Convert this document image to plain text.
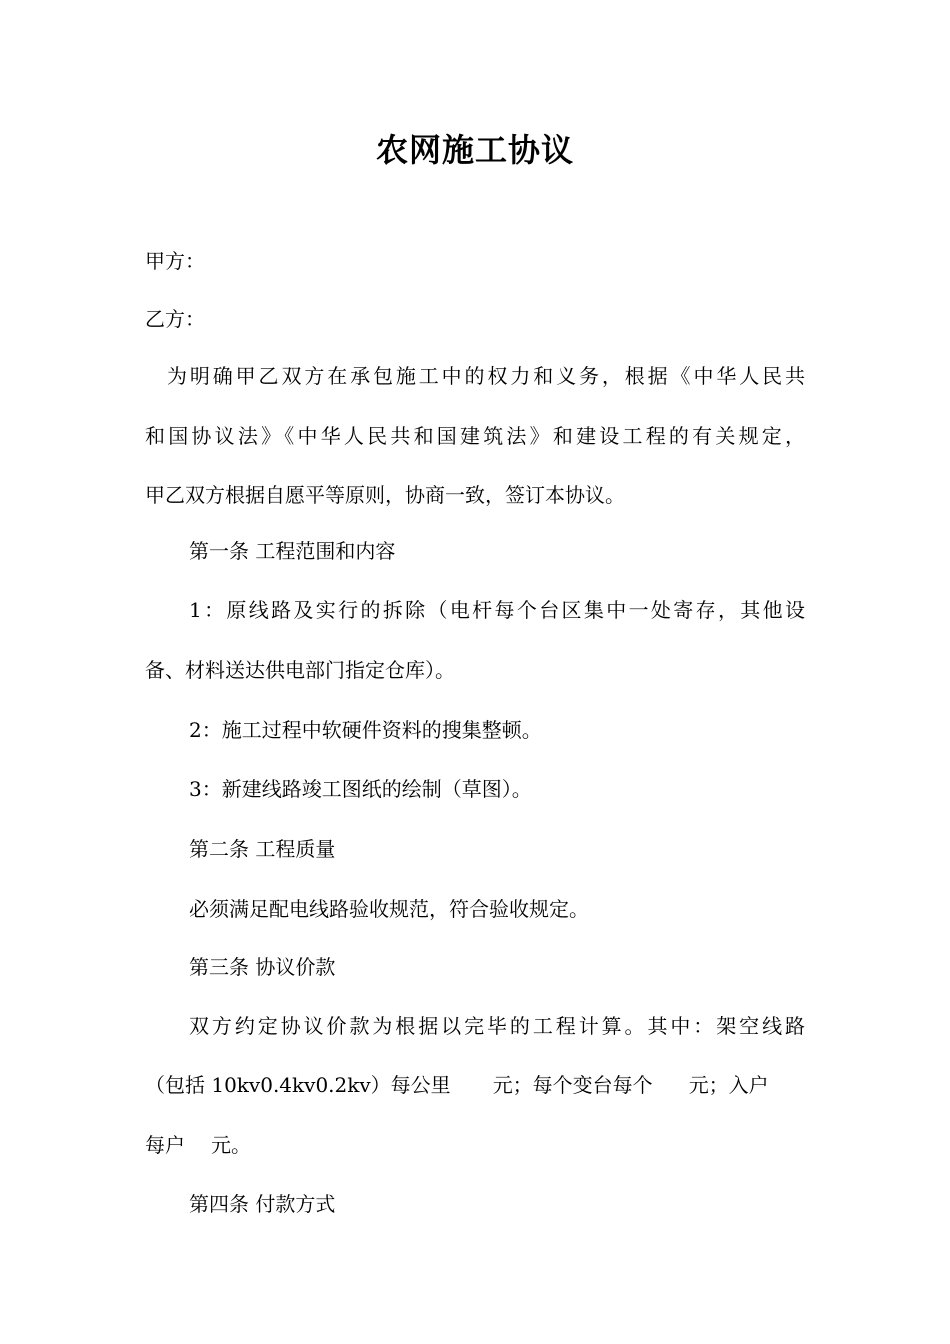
农网施工协议
甲方：
乙方：
为明确甲乙双方在承包施工中的权力和义务，根据《中华人民共
和国协议法》《中华人民共和国建筑法》和建设工程的有关规定，
甲乙双方根据自愿平等原则，协商一致，签订本协议。
第一条 工程范围和内容
1：原线路及实行的拆除（电杆每个台区集中一处寄存，其他设
备、材料送达供电部门指定仓库）。
2：施工过程中软硬件资料的搜集整顿。
3：新建线路竣工图纸的绘制（草图）。
第二条 工程质量
必须满足配电线路验收规范，符合验收规定。
第三条 协议价款
双方约定协议价款为根据以完毕的工程计算。其中：架空线路
（包括 10kv0.4kv0.2kv）每公里 元；每个变台每个 元；入户
每户 元。
第四条 付款方式
